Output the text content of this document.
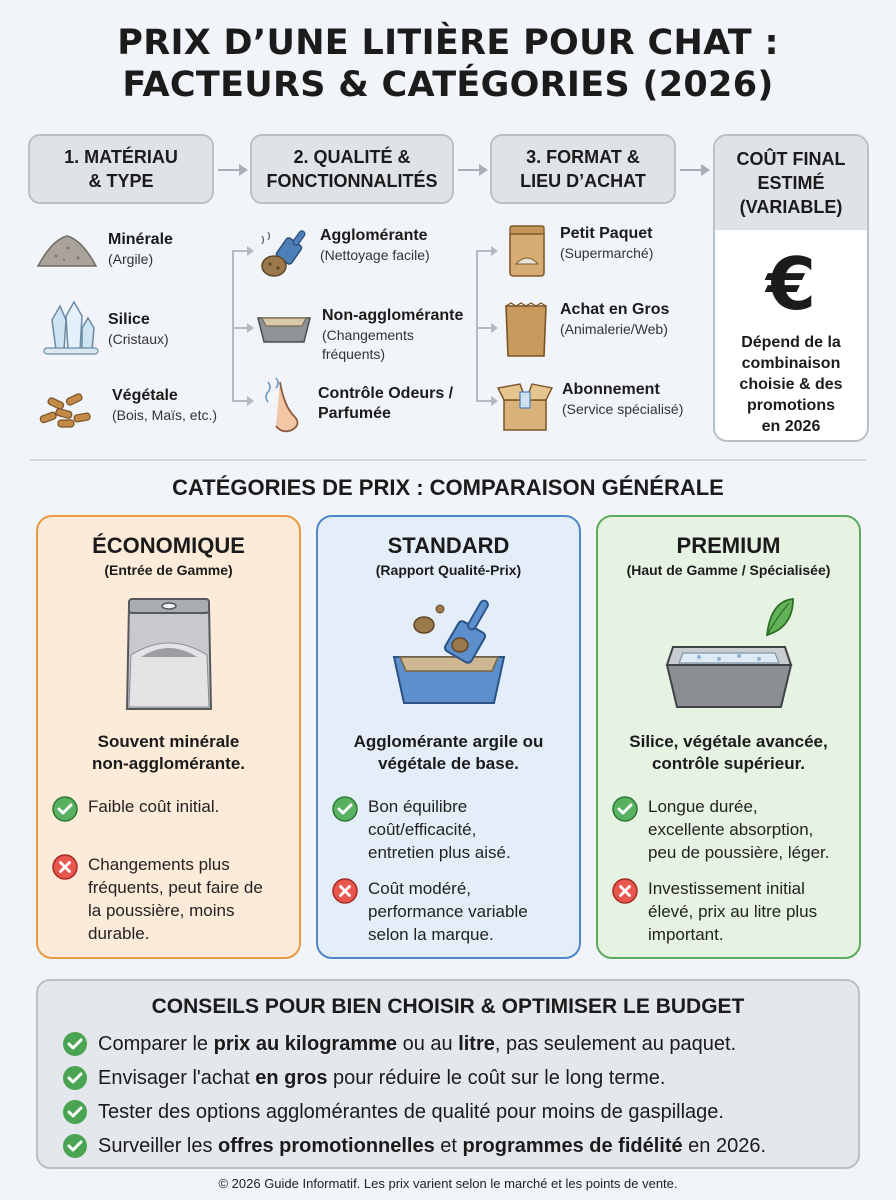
PRIX D’UNE LITIÈRE POUR CHAT :
FACTEURS & CATÉGORIES (2026)
1. MATÉRIAU
& TYPE
2. QUALITÉ &
FONCTIONNALITÉS
3. FORMAT &
LIEU D’ACHAT
COÛT FINAL
ESTIMÉ
(VARIABLE)
€
Dépend de la
combinaison
choisie & des
promotions
en 2026
Minérale
(Argile)
Silice
(Cristaux)
Végétale
(Bois, Maïs, etc.)
Agglomérante
(Nettoyage facile)
Non-agglomérante
(Changements
fréquents)
Contrôle Odeurs /
Parfumée
Petit Paquet
(Supermarché)
Achat en Gros
(Animalerie/Web)
Abonnement
(Service spécialisé)
CATÉGORIES DE PRIX : COMPARAISON GÉNÉRALE
ÉCONOMIQUE
(Entrée de Gamme)
Souvent minérale
non-agglomérante.
Faible coût initial.
Changements plus
fréquents, peut faire de
la poussière, moins
durable.
STANDARD
(Rapport Qualité-Prix)
Agglomérante argile ou
végétale de base.
Bon équilibre
coût/efficacité,
entretien plus aisé.
Coût modéré,
performance variable
selon la marque.
PREMIUM
(Haut de Gamme / Spécialisée)
Silice, végétale avancée,
contrôle supérieur.
Longue durée,
excellente absorption,
peu de poussière, léger.
Investissement initial
élevé, prix au litre plus
important.
CONSEILS POUR BIEN CHOISIR & OPTIMISER LE BUDGET
Comparer le prix au kilogramme ou au litre, pas seulement au paquet.
Envisager l'achat en gros pour réduire le coût sur le long terme.
Tester des options agglomérantes de qualité pour moins de gaspillage.
Surveiller les offres promotionnelles et programmes de fidélité en 2026.
© 2026 Guide Informatif. Les prix varient selon le marché et les points de vente.
